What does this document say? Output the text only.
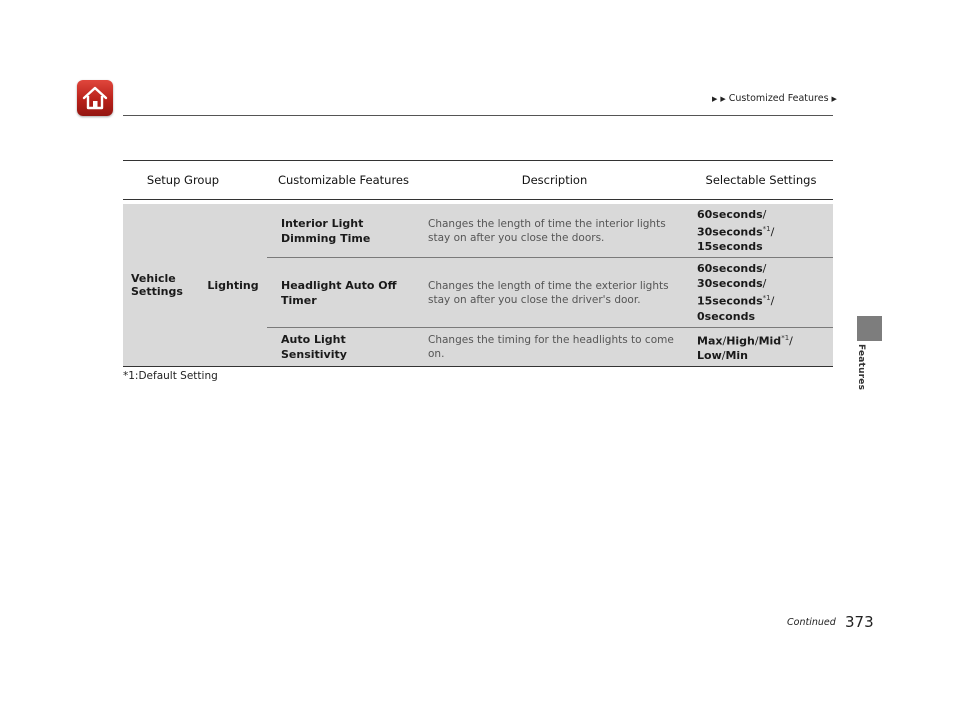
▶ ▶ Customized Features ▶
Features
Setup Group		Customizable Features	Description	Selectable Settings

Vehicle Settings	Lighting	Interior Light Dimming Time	Changes the length of time the interior lights stay on after you close the doors.	60seconds/
30seconds$^{*1}$/
15seconds
		Headlight Auto Off Timer	Changes the length of time the exterior lights stay on after you close the driver's door.	60seconds/
30seconds/
15seconds$^{*1}$/
0seconds
		Auto Light Sensitivity	Changes the timing for the headlights to come on.	Max/High/Mid$^{*1}$/
Low/Min
*1:Default Setting
Continued 373
